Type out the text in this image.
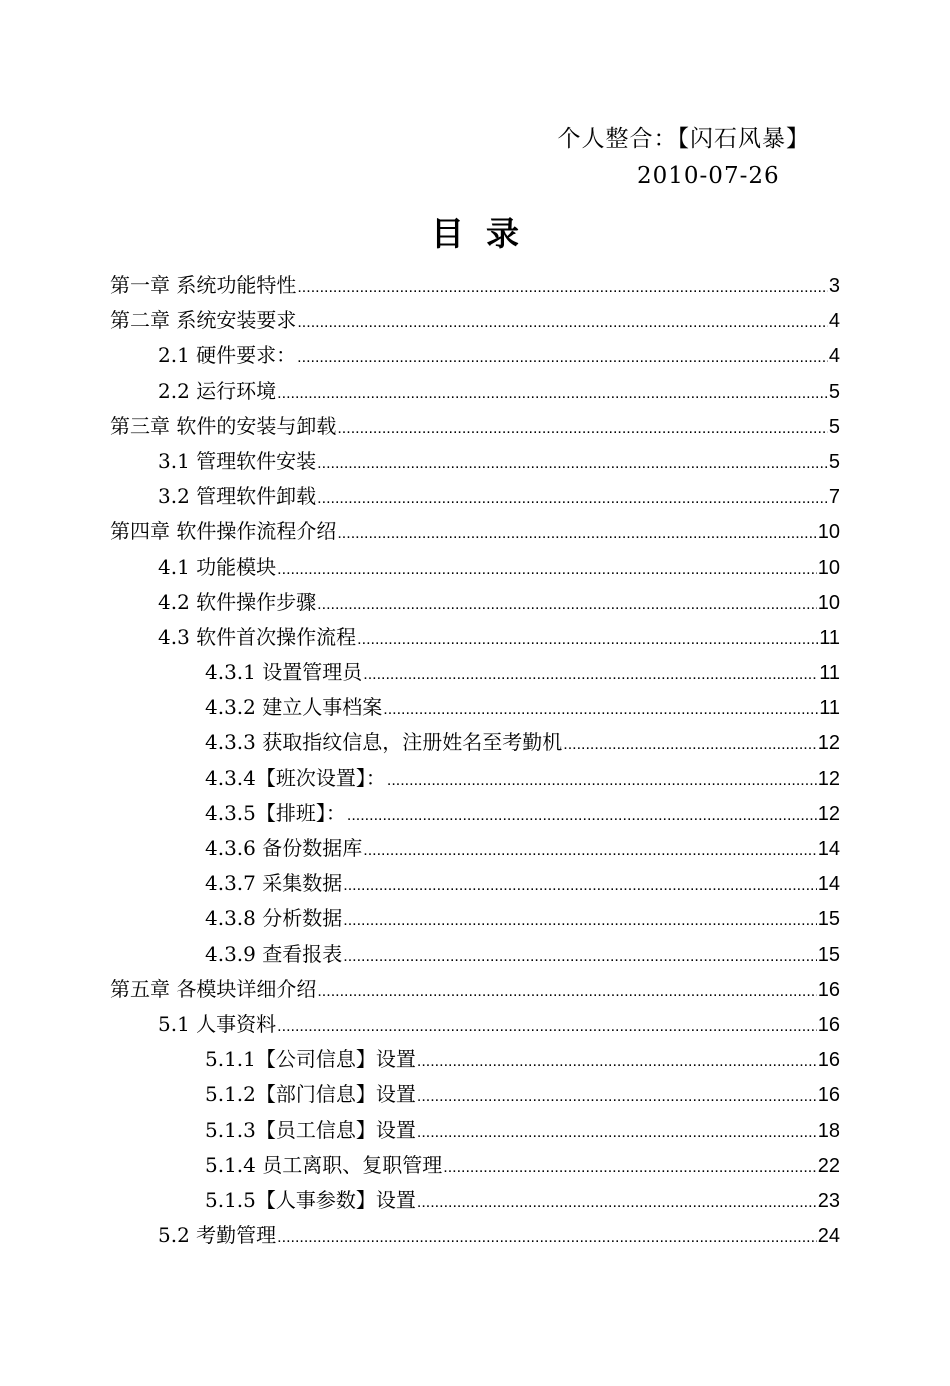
个人整合：【闪石风暴】
2010-07-26
目录
第一章 系统功能特性 .....	3
第二章 系统安装要求 .....	4
2.1 硬件要求： .....	4
2.2 运行环境 .....	5
第三章 软件的安装与卸载 .....	5
3.1 管理软件安装 .....	5
3.2 管理软件卸载 .....	7
第四章 软件操作流程介绍 .....	10
4.1 功能模块 .....	10
4.2 软件操作步骤 .....	10
4.3 软件首次操作流程 .....	11
4.3.1 设置管理员 .....	11
4.3.2 建立人事档案 .....	11
4.3.3 获取指纹信息，注册姓名至考勤机 .....	12
4.3.4【班次设置】： .....	12
4.3.5【排班】： .....	12
4.3.6 备份数据库 .....	14
4.3.7 采集数据 .....	14
4.3.8 分析数据 .....	15
4.3.9 查看报表 .....	15
第五章 各模块详细介绍 .....	16
5.1 人事资料 .....	16
5.1.1【公司信息】设置 .....	16
5.1.2【部门信息】设置 .....	16
5.1.3【员工信息】设置 .....	18
5.1.4 员工离职、复职管理 .....	22
5.1.5【人事参数】设置 .....	23
5.2 考勤管理 .....	24
